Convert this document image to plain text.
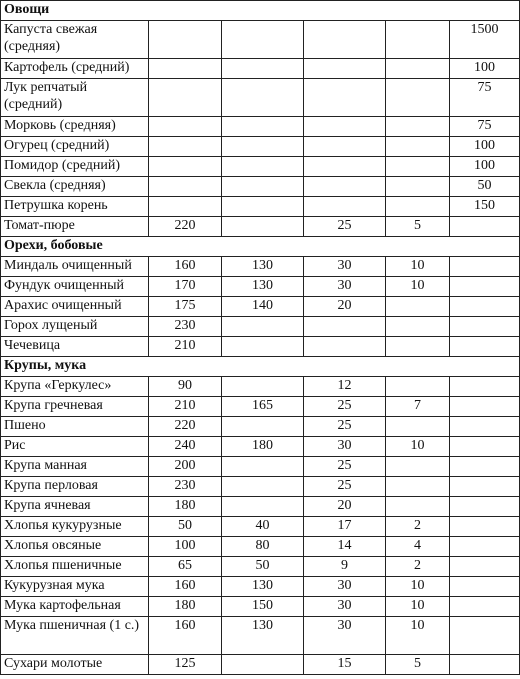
Овощи					
Капуста свежая (средняя)					1500
Картофель (средний)					100
Лук репчатый (средний)					75
Морковь (средняя)					75
Огурец (средний)					100
Помидор (средний)					100
Свекла (средняя)					50
Петрушка корень					150
Томат-пюре	220		25	5	
Орехи, бобовые					
Миндаль очищенный	160	130	30	10	
Фундук очищенный	170	130	30	10	
Арахис очищенный	175	140	20		
Горох лущеный	230				
Чечевица	210				
Крупы, мука					
Крупа «Геркулес»	90		12		
Крупа гречневая	210	165	25	7	
Пшено	220		25		
Рис	240	180	30	10	
Крупа манная	200		25		
Крупа перловая	230		25		
Крупа ячневая	180		20		
Хлопья кукурузные	50	40	17	2	
Хлопья овсяные	100	80	14	4	
Хлопья пшеничные	65	50	9	2	
Кукурузная мука	160	130	30	10	
Мука картофельная	180	150	30	10	
Мука пшеничная (1 с.)	160	130	30	10	
Сухари молотые	125		15	5	
